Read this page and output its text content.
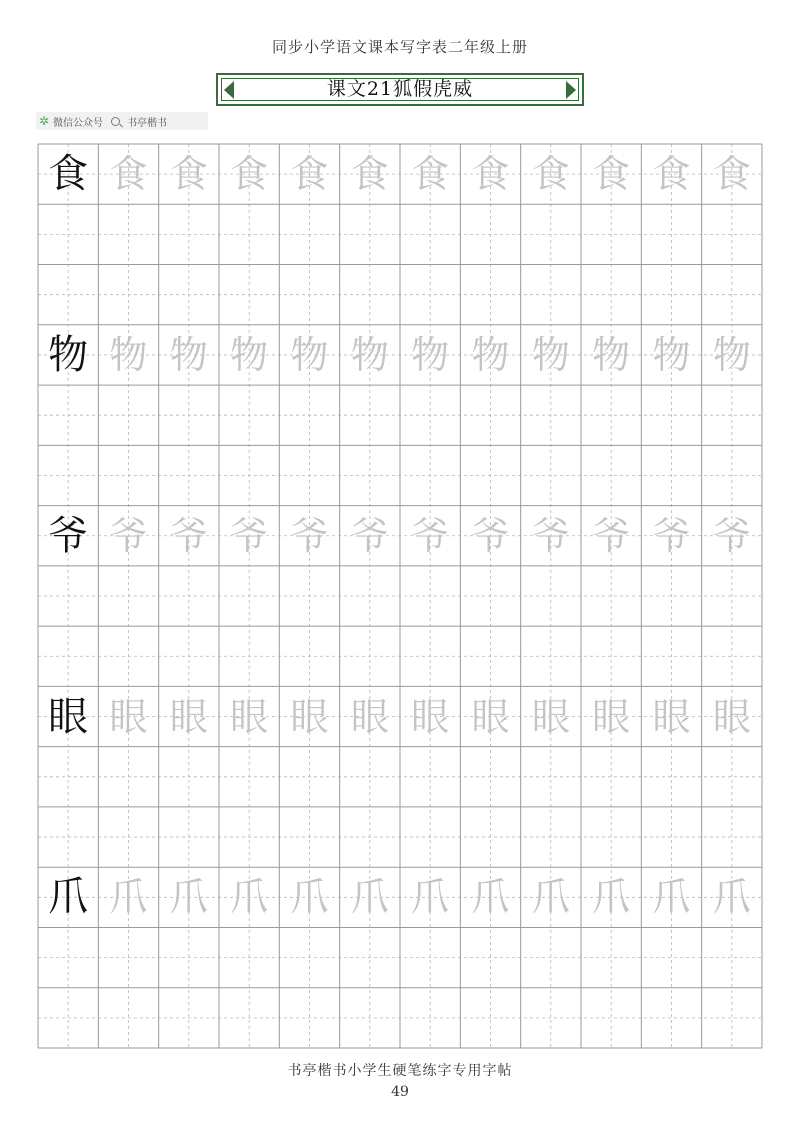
同步小学语文课本写字表二年级上册
课文21狐假虎威
✲ 微信公众号 书亭楷书
食 食 食 食 食 食 食 食 食 食 食 食
物 物 物 物 物 物 物 物 物 物 物 物
爷 爷 爷 爷 爷 爷 爷 爷 爷 爷 爷 爷
眼 眼 眼 眼 眼 眼 眼 眼 眼 眼 眼 眼
爪 爪 爪 爪 爪 爪 爪 爪 爪 爪 爪 爪
书亭楷书小学生硬笔练字专用字帖
49
